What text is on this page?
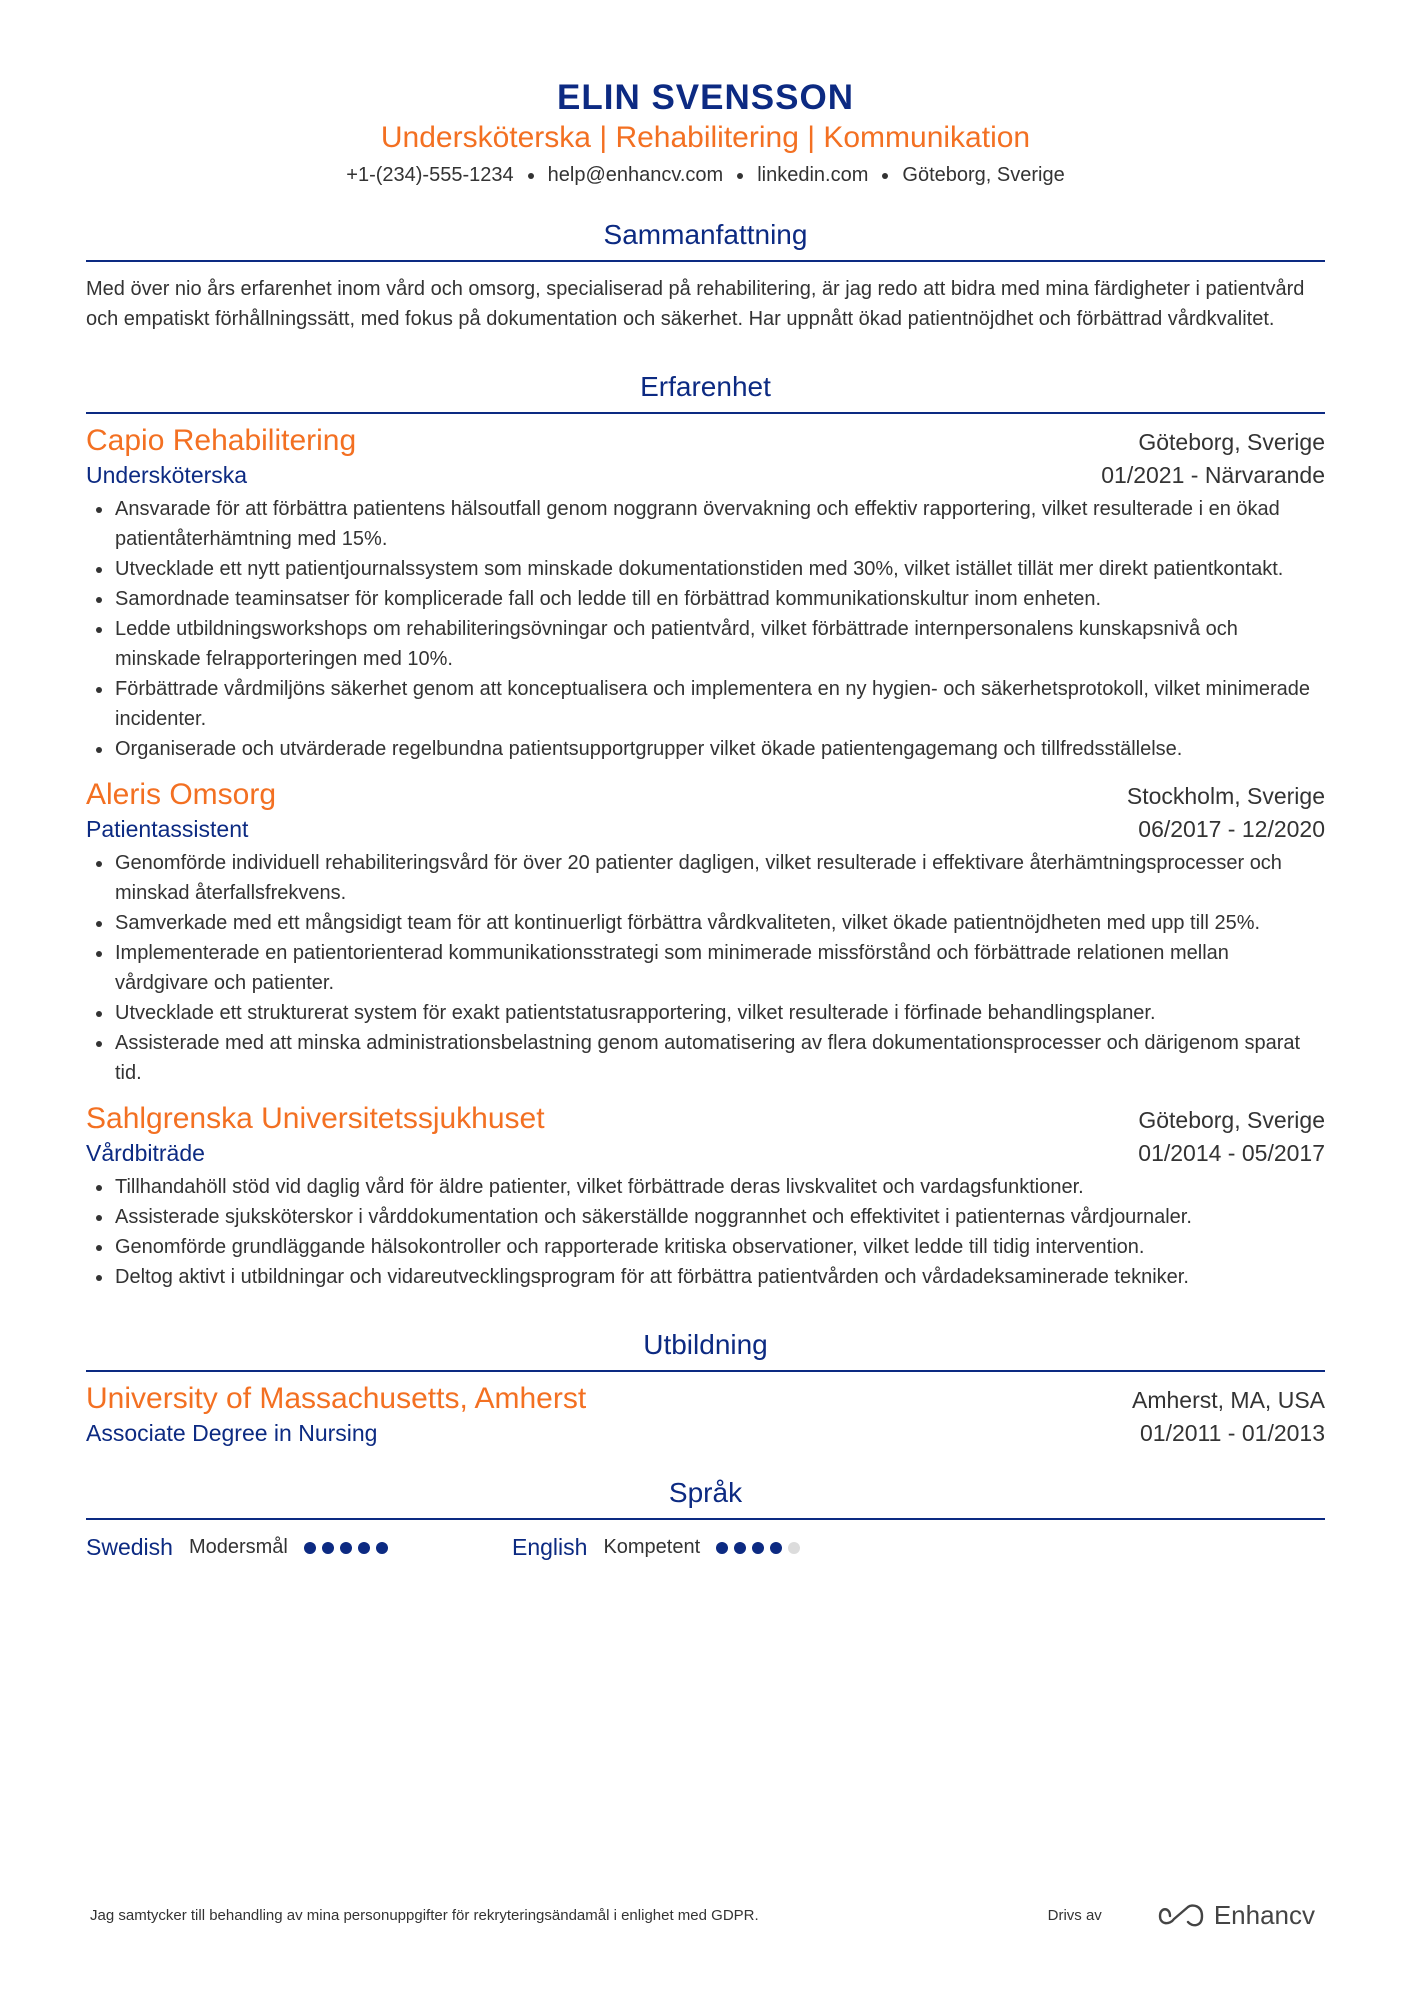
ELIN SVENSSON
Undersköterska | Rehabilitering | Kommunikation
+1-(234)-555-1234 help@enhancv.com linkedin.com Göteborg, Sverige
Sammanfattning
Med över nio års erfarenhet inom vård och omsorg, specialiserad på rehabilitering, är jag redo att bidra med mina färdigheter i patientvård och empatiskt förhållningssätt, med fokus på dokumentation och säkerhet. Har uppnått ökad patientnöjdhet och förbättrad vårdkvalitet.
Erfarenhet
Capio Rehabilitering	Göteborg, Sverige
Undersköterska	01/2021 - Närvarande
Ansvarade för att förbättra patientens hälsoutfall genom noggrann övervakning och effektiv rapportering, vilket resulterade i en ökad patientåterhämtning med 15%.
Utvecklade ett nytt patientjournalssystem som minskade dokumentationstiden med 30%, vilket istället tillät mer direkt patientkontakt.
Samordnade teaminsatser för komplicerade fall och ledde till en förbättrad kommunikationskultur inom enheten.
Ledde utbildningsworkshops om rehabiliteringsövningar och patientvård, vilket förbättrade internpersonalens kunskapsnivå och minskade felrapporteringen med 10%.
Förbättrade vårdmiljöns säkerhet genom att konceptualisera och implementera en ny hygien- och säkerhetsprotokoll, vilket minimerade incidenter.
Organiserade och utvärderade regelbundna patientsupportgrupper vilket ökade patientengagemang och tillfredsställelse.
Aleris Omsorg	Stockholm, Sverige
Patientassistent	06/2017 - 12/2020
Genomförde individuell rehabiliteringsvård för över 20 patienter dagligen, vilket resulterade i effektivare återhämtningsprocesser och minskad återfallsfrekvens.
Samverkade med ett mångsidigt team för att kontinuerligt förbättra vårdkvaliteten, vilket ökade patientnöjdheten med upp till 25%.
Implementerade en patientorienterad kommunikationsstrategi som minimerade missförstånd och förbättrade relationen mellan vårdgivare och patienter.
Utvecklade ett strukturerat system för exakt patientstatusrapportering, vilket resulterade i förfinade behandlingsplaner.
Assisterade med att minska administrationsbelastning genom automatisering av flera dokumentationsprocesser och därigenom sparat tid.
Sahlgrenska Universitetssjukhuset	Göteborg, Sverige
Vårdbiträde	01/2014 - 05/2017
Tillhandahöll stöd vid daglig vård för äldre patienter, vilket förbättrade deras livskvalitet och vardagsfunktioner.
Assisterade sjuksköterskor i vårddokumentation och säkerställde noggrannhet och effektivitet i patienternas vårdjournaler.
Genomförde grundläggande hälsokontroller och rapporterade kritiska observationer, vilket ledde till tidig intervention.
Deltog aktivt i utbildningar och vidareutvecklingsprogram för att förbättra patientvården och vårdadeksaminerade tekniker.
Utbildning
University of Massachusetts, Amherst	Amherst, MA, USA
Associate Degree in Nursing	01/2011 - 01/2013
Språk
Swedish Modersmål	English Kompetent
Jag samtycker till behandling av mina personuppgifter för rekryteringsändamål i enlighet med GDPR.	Drivs av	Enhancv
